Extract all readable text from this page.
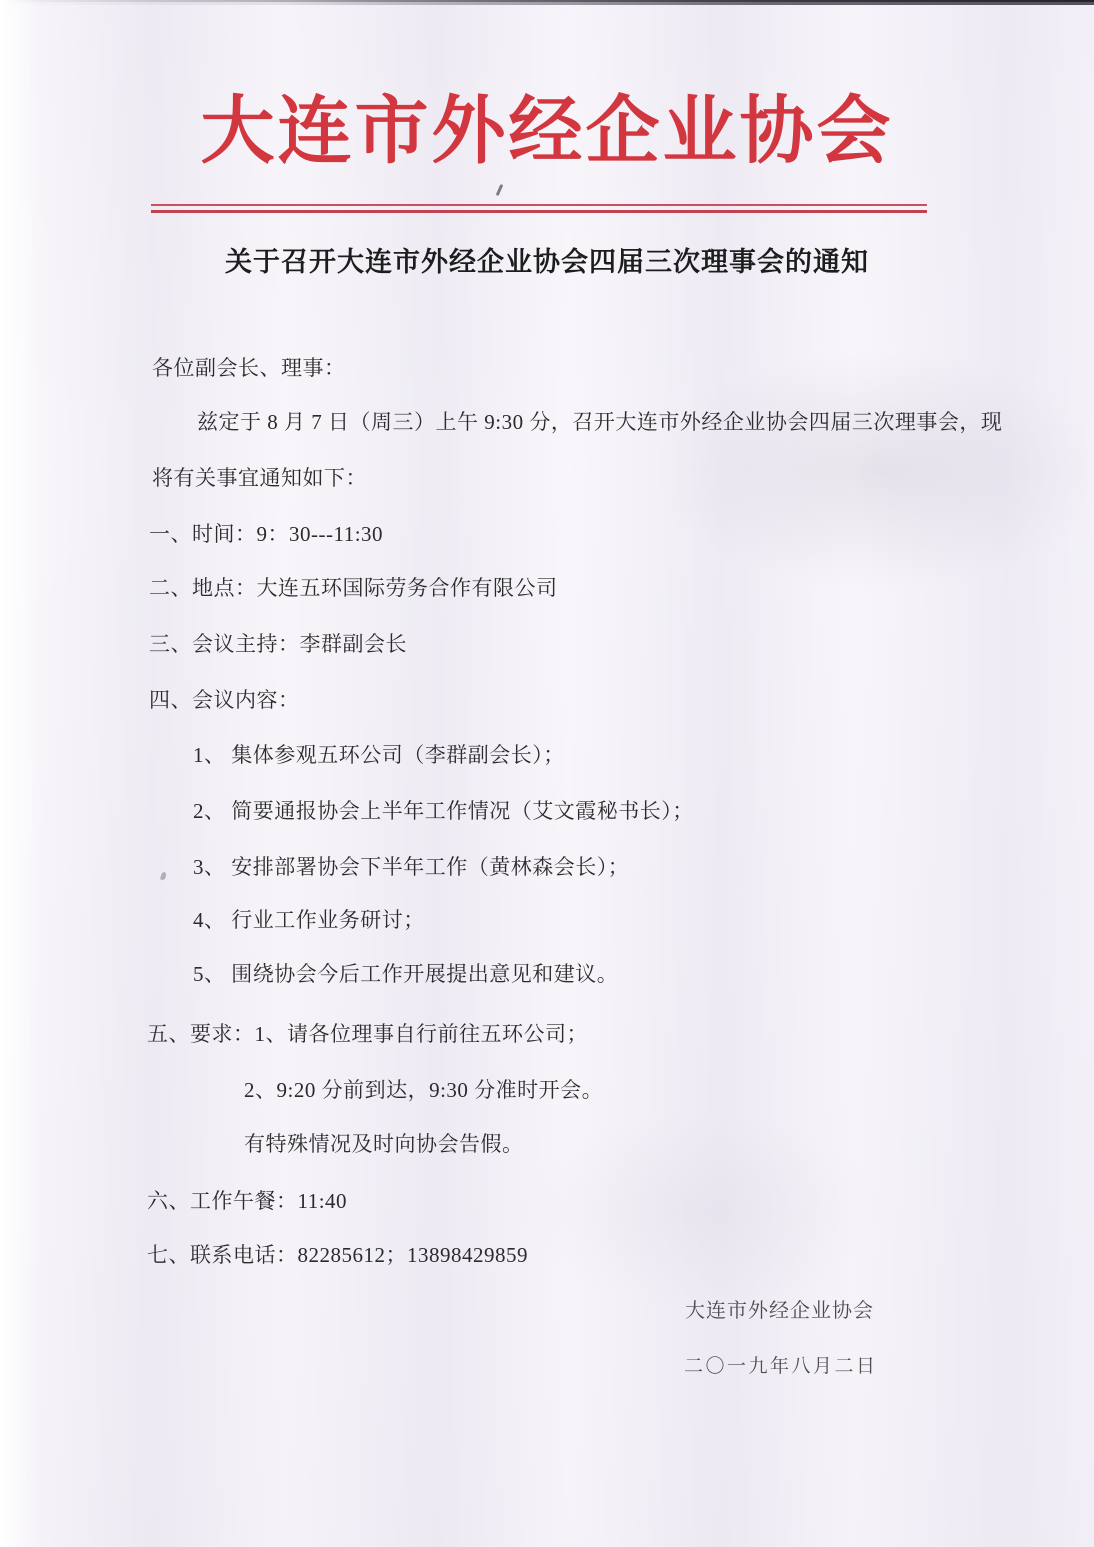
大连市外经企业协会
关于召开大连市外经企业协会四届三次理事会的通知
各位副会长、理事：
兹定于 8 月 7 日（周三）上午 9:30 分，召开大连市外经企业协会四届三次理事会，现
将有关事宜通知如下：
一、时间：9：30---11:30
二、地点：大连五环国际劳务合作有限公司
三、会议主持：李群副会长
四、会议内容：
1、 集体参观五环公司（李群副会长）；
2、 简要通报协会上半年工作情况（艾文霞秘书长）；
3、 安排部署协会下半年工作（黄林森会长）；
4、 行业工作业务研讨；
5、 围绕协会今后工作开展提出意见和建议。
五、要求：1、请各位理事自行前往五环公司；
2、9:20 分前到达，9:30 分准时开会。
有特殊情况及时向协会告假。
六、工作午餐：11:40
七、联系电话：82285612；13898429859
大连市外经企业协会
二〇一九年八月二日
